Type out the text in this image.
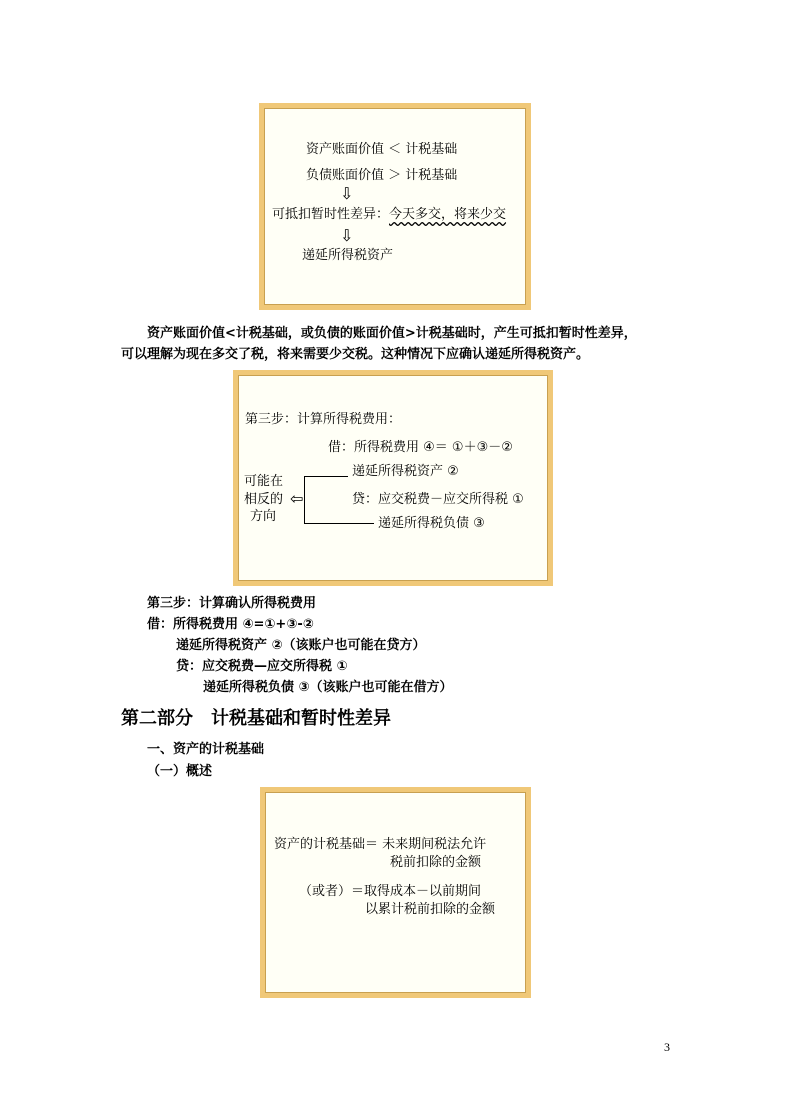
资产账面价值 ＜ 计税基础
负债账面价值 ＞ 计税基础
⇩
可抵扣暂时性差异：今天多交，将来少交
⇩
递延所得税资产
资产账面价值<计税基础，或负债的账面价值>计税基础时，产生可抵扣暂时性差异，
可以理解为现在多交了税，将来需要少交税。这种情况下应确认递延所得税资产。
第三步：计算所得税费用：
借：所得税费用 ④＝ ①＋③－②
递延所得税资产 ②
贷：应交税费－应交所得税 ①
递延所得税负债 ③
可能在
相反的
方向
⇦
第三步：计算确认所得税费用
借：所得税费用 ④=①+③-②
递延所得税资产 ②（该账户也可能在贷方）
贷：应交税费—应交所得税 ①
递延所得税负债 ③（该账户也可能在借方）
第二部分　计税基础和暂时性差异
一、资产的计税基础
（一）概述
资产的计税基础＝ 未来期间税法允许
税前扣除的金额
（或者）＝取得成本－以前期间
以累计税前扣除的金额
3
